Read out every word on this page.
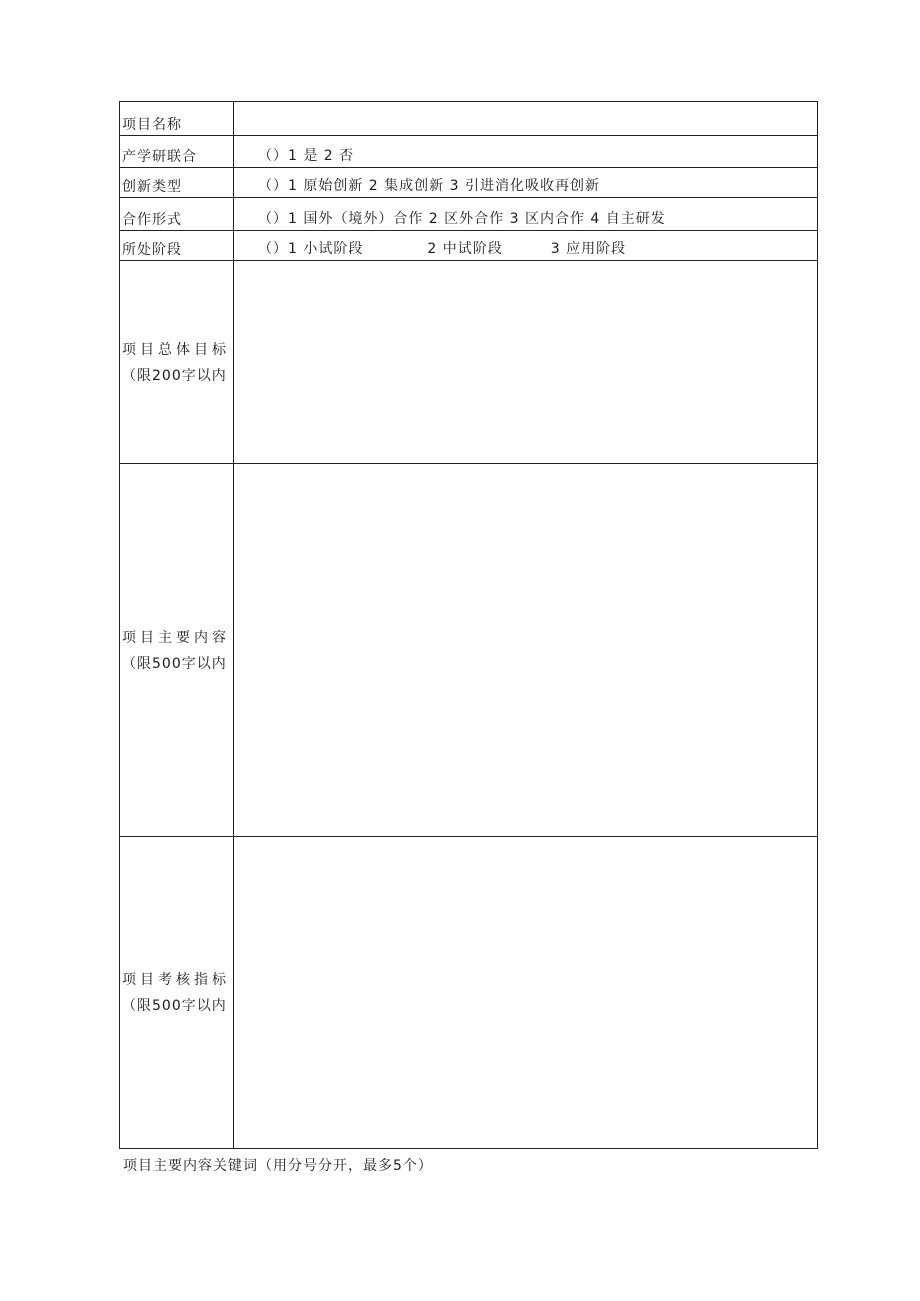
项目名称	
产学研联合	（）1 是 2 否
创新类型	（）1 原始创新 2 集成创新 3 引进消化吸收再创新
合作形式	（）1 国外（境外）合作 2 区外合作 3 区内合作 4 自主研发
所处阶段	（）1 小试阶段 2 中试阶段 3 应用阶段

项目总体目标
（限200字以内	

项目主要内容
（限500字以内	

项目考核指标
（限500字以内	

项目主要内容关键词（用分号分开，最多5个）
